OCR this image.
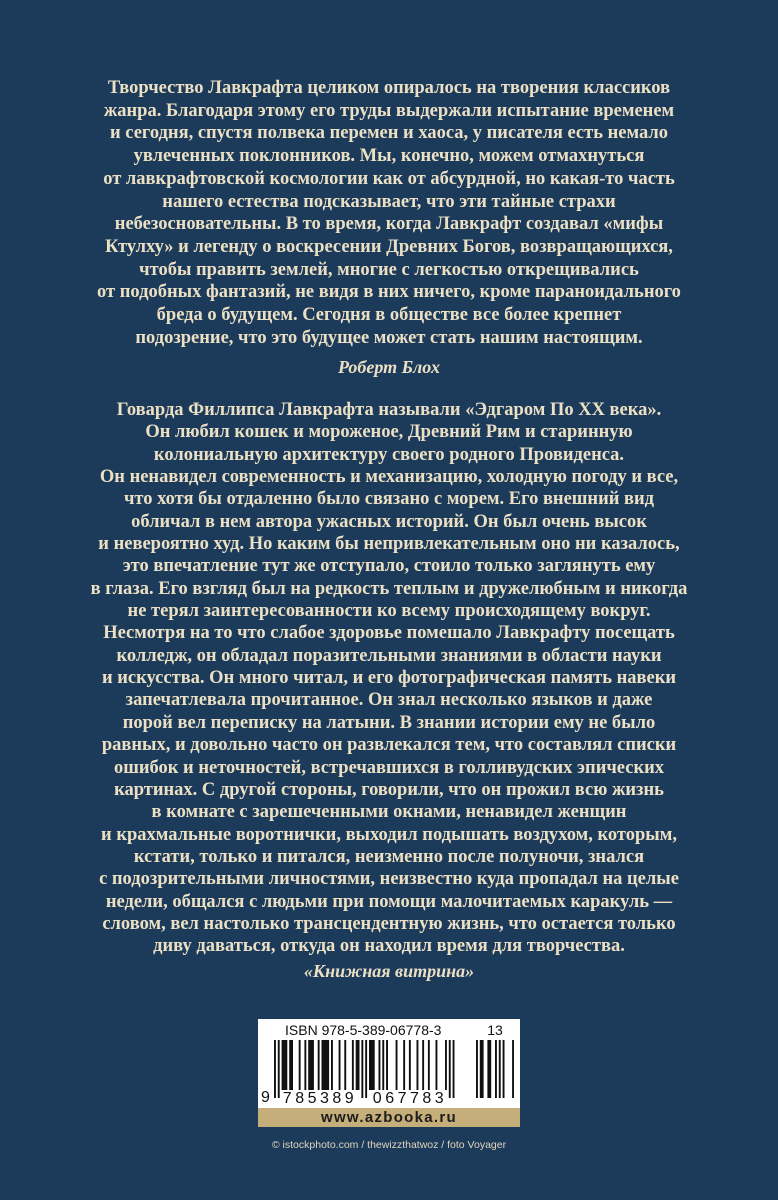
Творчество Лавкрафта целиком опиралось на творения классиков
жанра. Благодаря этому его труды выдержали испытание временем
и сегодня, спустя полвека перемен и хаоса, у писателя есть немало
увлеченных поклонников. Мы, конечно, можем отмахнуться
от лавкрафтовской космологии как от абсурдной, но какая-то часть
нашего естества подсказывает, что эти тайные страхи
небезосновательны. В то время, когда Лавкрафт создавал «мифы
Ктулху» и легенду о воскресении Древних Богов, возвращающихся,
чтобы править землей, многие с легкостью открещивались
от подобных фантазий, не видя в них ничего, кроме параноидального
бреда о будущем. Сегодня в обществе все более крепнет
подозрение, что это будущее может стать нашим настоящим.
Роберт Блох
Говарда Филлипса Лавкрафта называли «Эдгаром По XX века».
Он любил кошек и мороженое, Древний Рим и старинную
колониальную архитектуру своего родного Провиденса.
Он ненавидел современность и механизацию, холодную погоду и все,
что хотя бы отдаленно было связано с морем. Его внешний вид
обличал в нем автора ужасных историй. Он был очень высок
и невероятно худ. Но каким бы непривлекательным оно ни казалось,
это впечатление тут же отступало, стоило только заглянуть ему
в глаза. Его взгляд был на редкость теплым и дружелюбным и никогда
не терял заинтересованности ко всему происходящему вокруг.
Несмотря на то что слабое здоровье помешало Лавкрафту посещать
колледж, он обладал поразительными знаниями в области науки
и искусства. Он много читал, и его фотографическая память навеки
запечатлевала прочитанное. Он знал несколько языков и даже
порой вел переписку на латыни. В знании истории ему не было
равных, и довольно часто он развлекался тем, что составлял списки
ошибок и неточностей, встречавшихся в голливудских эпических
картинах. С другой стороны, говорили, что он прожил всю жизнь
в комнате с зарешеченными окнами, ненавидел женщин
и крахмальные воротнички, выходил подышать воздухом, которым,
кстати, только и питался, неизменно после полуночи, знался
с подозрительными личностями, неизвестно куда пропадал на целые
недели, общался с людьми при помощи малочитаемых каракуль —
словом, вел настолько трансцендентную жизнь, что остается только
диву даваться, откуда он находил время для творчества.
«Книжная витрина»
ISBN 978-5-389-06778-3	13
9 785389 067783
www.azbooka.ru
© istockphoto.com / thewizzthatwoz / foto Voyager
